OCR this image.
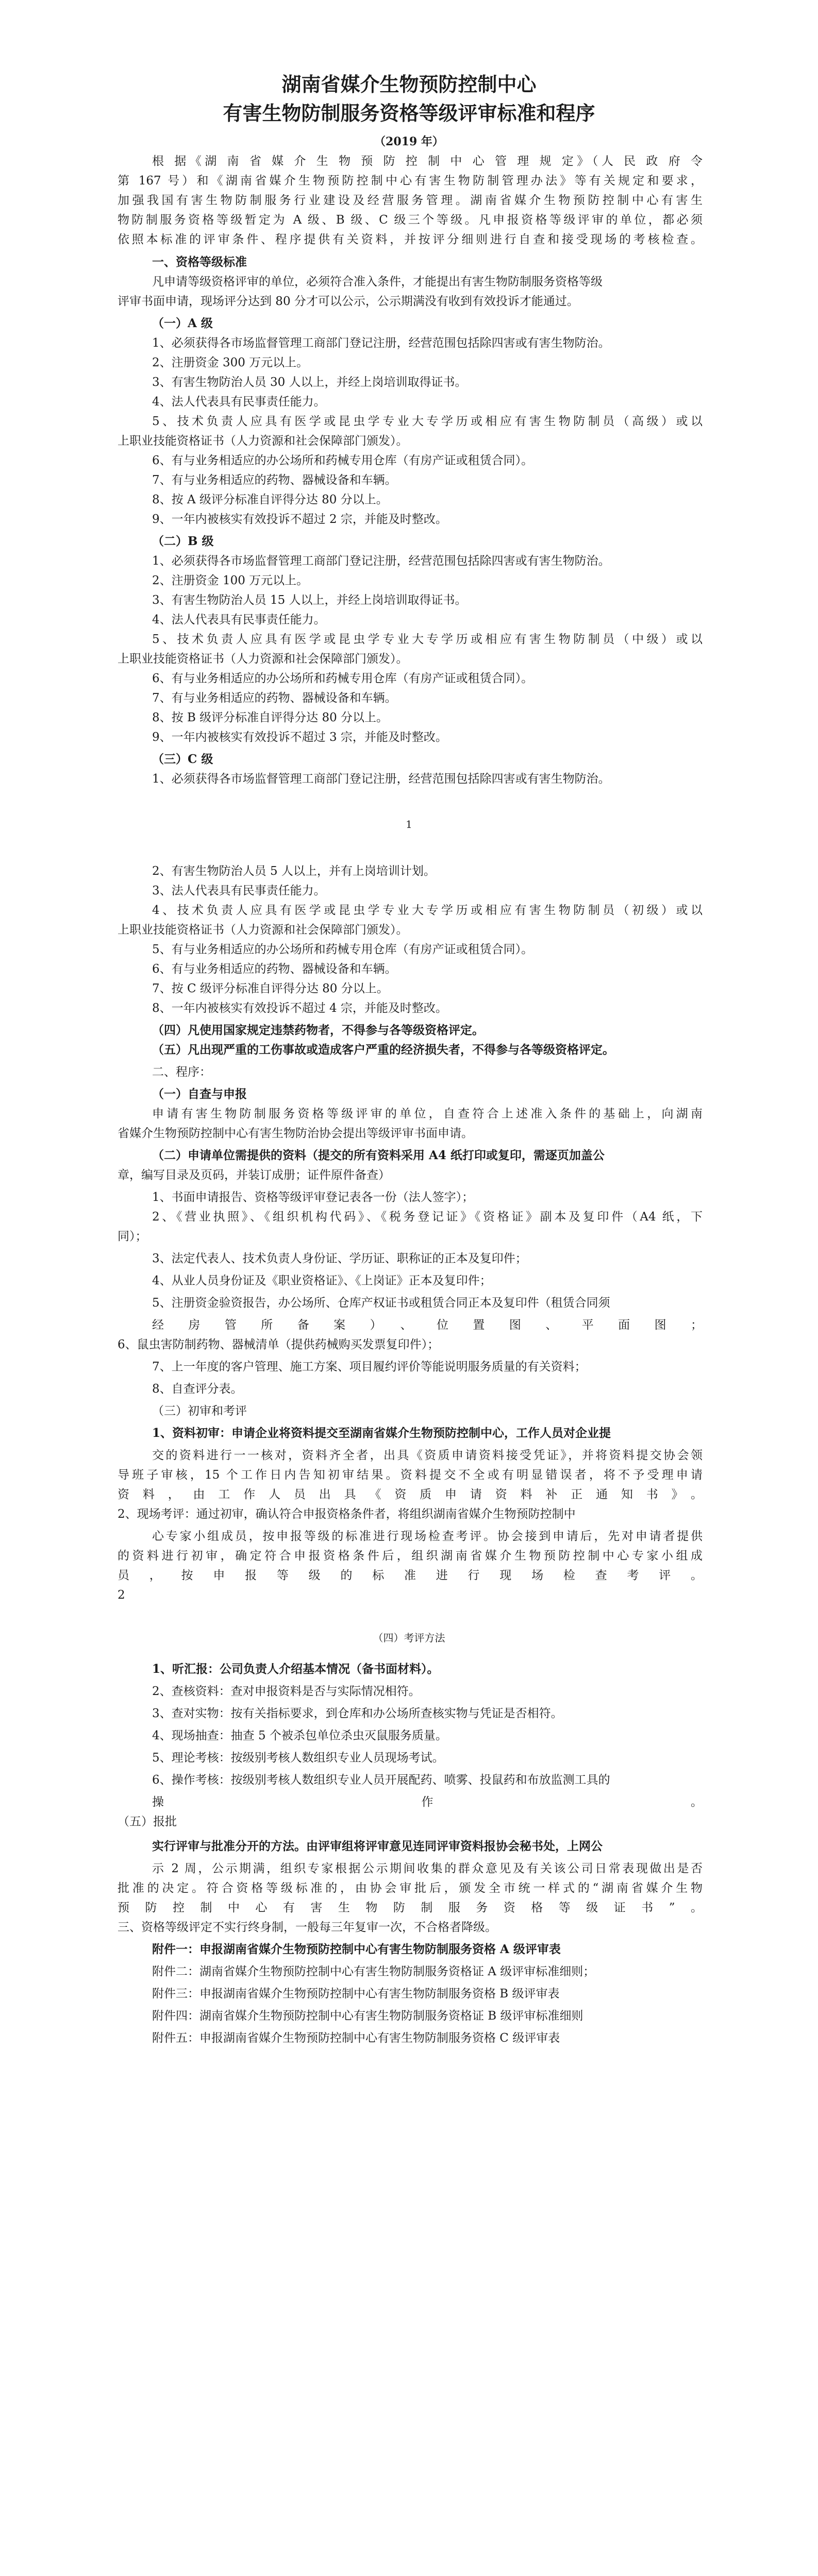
湖南省媒介生物预防控制中心
有害生物防制服务资格等级评审标准和程序
（2019 年）
根 据《湖 南 省 媒 介 生 物 预 防 控 制 中 心 管 理 规 定》（人 民 政 府 令
第 167 号）和《湖南省媒介生物预防控制中心有害生物防制管理办法》等有关规定和要求，
加强我国有害生物防制服务行业建设及经营服务管理。湖南省媒介生物预防控制中心有害生
物防制服务资格等级暂定为 A 级、B 级、C 级三个等级。凡申报资格等级评审的单位，都必须
依照本标准的评审条件、程序提供有关资料，并按评分细则进行自查和接受现场的考核检查。
一、资格等级标准
凡申请等级资格评审的单位，必须符合准入条件，才能提出有害生物防制服务资格等级
评审书面申请，现场评分达到 80 分才可以公示，公示期满没有收到有效投诉才能通过。
（一）A 级
1、必须获得各市场监督管理工商部门登记注册，经营范围包括除四害或有害生物防治。
2、注册资金 300 万元以上。
3、有害生物防治人员 30 人以上，并经上岗培训取得证书。
4、法人代表具有民事责任能力。
5、技术负责人应具有医学或昆虫学专业大专学历或相应有害生物防制员（高级）或以
上职业技能资格证书（人力资源和社会保障部门颁发）。
6、有与业务相适应的办公场所和药械专用仓库（有房产证或租赁合同）。
7、有与业务相适应的药物、器械设备和车辆。
8、按 A 级评分标准自评得分达 80 分以上。
9、一年内被核实有效投诉不超过 2 宗，并能及时整改。
（二）B 级
1、必须获得各市场监督管理工商部门登记注册，经营范围包括除四害或有害生物防治。
2、注册资金 100 万元以上。
3、有害生物防治人员 15 人以上，并经上岗培训取得证书。
4、法人代表具有民事责任能力。
5、技术负责人应具有医学或昆虫学专业大专学历或相应有害生物防制员（中级）或以
上职业技能资格证书（人力资源和社会保障部门颁发）。
6、有与业务相适应的办公场所和药械专用仓库（有房产证或租赁合同）。
7、有与业务相适应的药物、器械设备和车辆。
8、按 B 级评分标准自评得分达 80 分以上。
9、一年内被核实有效投诉不超过 3 宗，并能及时整改。
（三）C 级
1、必须获得各市场监督管理工商部门登记注册，经营范围包括除四害或有害生物防治。
1
2、有害生物防治人员 5 人以上，并有上岗培训计划。
3、法人代表具有民事责任能力。
4、技术负责人应具有医学或昆虫学专业大专学历或相应有害生物防制员（初级）或以
上职业技能资格证书（人力资源和社会保障部门颁发）。
5、有与业务相适应的办公场所和药械专用仓库（有房产证或租赁合同）。
6、有与业务相适应的药物、器械设备和车辆。
7、按 C 级评分标准自评得分达 80 分以上。
8、一年内被核实有效投诉不超过 4 宗，并能及时整改。
（四）凡使用国家规定违禁药物者，不得参与各等级资格评定。
（五）凡出现严重的工伤事故或造成客户严重的经济损失者，不得参与各等级资格评定。
二、程序：
（一）自查与申报
申请有害生物防制服务资格等级评审的单位，自查符合上述准入条件的基础上，向湖南
省媒介生物预防控制中心有害生物防治协会提出等级评审书面申请。
（二）申请单位需提供的资料（提交的所有资料采用 A4 纸打印或复印，需逐页加盖公
章，编写目录及页码，并装订成册；证件原件备查）
1、书面申请报告、资格等级评审登记表各一份（法人签字）；
2、《营业执照》、《组织机构代码》、《税务登记证》《资格证》副本及复印件（A4 纸，下
同）；
3、法定代表人、技术负责人身份证、学历证、职称证的正本及复印件；
4、从业人员身份证及《职业资格证》、《上岗证》正本及复印件；
5、注册资金验资报告，办公场所、仓库产权证书或租赁合同正本及复印件（租赁合同须
经房管所备案）、位置图、平面图；
6、鼠虫害防制药物、器械清单（提供药械购买发票复印件）；
7、上一年度的客户管理、施工方案、项目履约评价等能说明服务质量的有关资料；
8、自查评分表。
（三）初审和考评
1、资料初审：申请企业将资料提交至湖南省媒介生物预防控制中心，工作人员对企业提
交的资料进行一一核对，资料齐全者，出具《资质申请资料接受凭证》，并将资料提交协会领
导班子审核，15 个工作日内告知初审结果。资料提交不全或有明显错误者，将不予受理申请
资料，由工作人员出具《资质申请资料补正通知书》。
2、现场考评：通过初审，确认符合申报资格条件者，将组织湖南省媒介生物预防控制中
心专家小组成员，按申报等级的标准进行现场检查考评。协会接到申请后，先对申请者提供
的资料进行初审，确定符合申报资格条件后，组织湖南省媒介生物预防控制中心专家小组成
员，按申报等级的标准进行现场检查考评。
2
（四）考评方法
1、听汇报：公司负责人介绍基本情况（备书面材料）。
2、查核资料：查对申报资料是否与实际情况相符。
3、查对实物：按有关指标要求，到仓库和办公场所查核实物与凭证是否相符。
4、现场抽查：抽查 5 个被杀包单位杀虫灭鼠服务质量。
5、理论考核：按级别考核人数组织专业人员现场考试。
6、操作考核：按级别考核人数组织专业人员开展配药、喷雾、投鼠药和布放监测工具的
操作。
（五）报批
实行评审与批准分开的方法。由评审组将评审意见连同评审资料报协会秘书处，上网公
示 2 周，公示期满，组织专家根据公示期间收集的群众意见及有关该公司日常表现做出是否
批准的决定。符合资格等级标准的，由协会审批后，颁发全市统一样式的“湖南省媒介生物
预防控制中心有害生物防制服务资格等级证书”。
三、资格等级评定不实行终身制，一般每三年复审一次，不合格者降级。
附件一：申报湖南省媒介生物预防控制中心有害生物防制服务资格 A 级评审表
附件二：湖南省媒介生物预防控制中心有害生物防制服务资格证 A 级评审标准细则；
附件三：申报湖南省媒介生物预防控制中心有害生物防制服务资格 B 级评审表
附件四：湖南省媒介生物预防控制中心有害生物防制服务资格证 B 级评审标准细则
附件五：申报湖南省媒介生物预防控制中心有害生物防制服务资格 C 级评审表
